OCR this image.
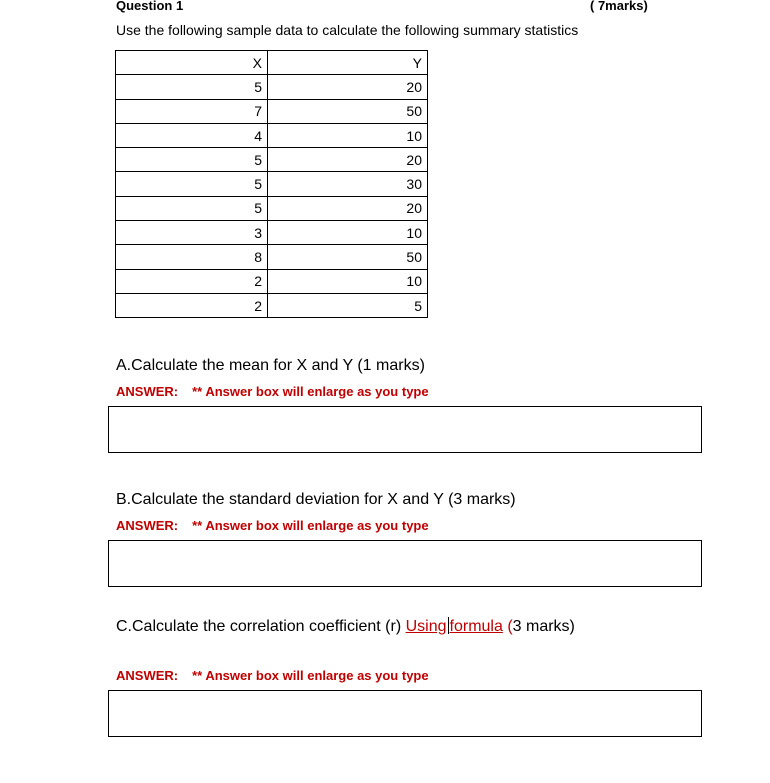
Question 1	( 7marks)
Use the following sample data to calculate the following summary statistics
X	Y
5	20
7	50
4	10
5	20
5	30
5	20
3	10
8	50
2	10
2	5
A.Calculate the mean for X and Y (1 marks)
ANSWER: ** Answer box will enlarge as you type
B.Calculate the standard deviation for X and Y (3 marks)
ANSWER: ** Answer box will enlarge as you type
C.Calculate the correlation coefficient (r) Using formula (3 marks)
ANSWER: ** Answer box will enlarge as you type
